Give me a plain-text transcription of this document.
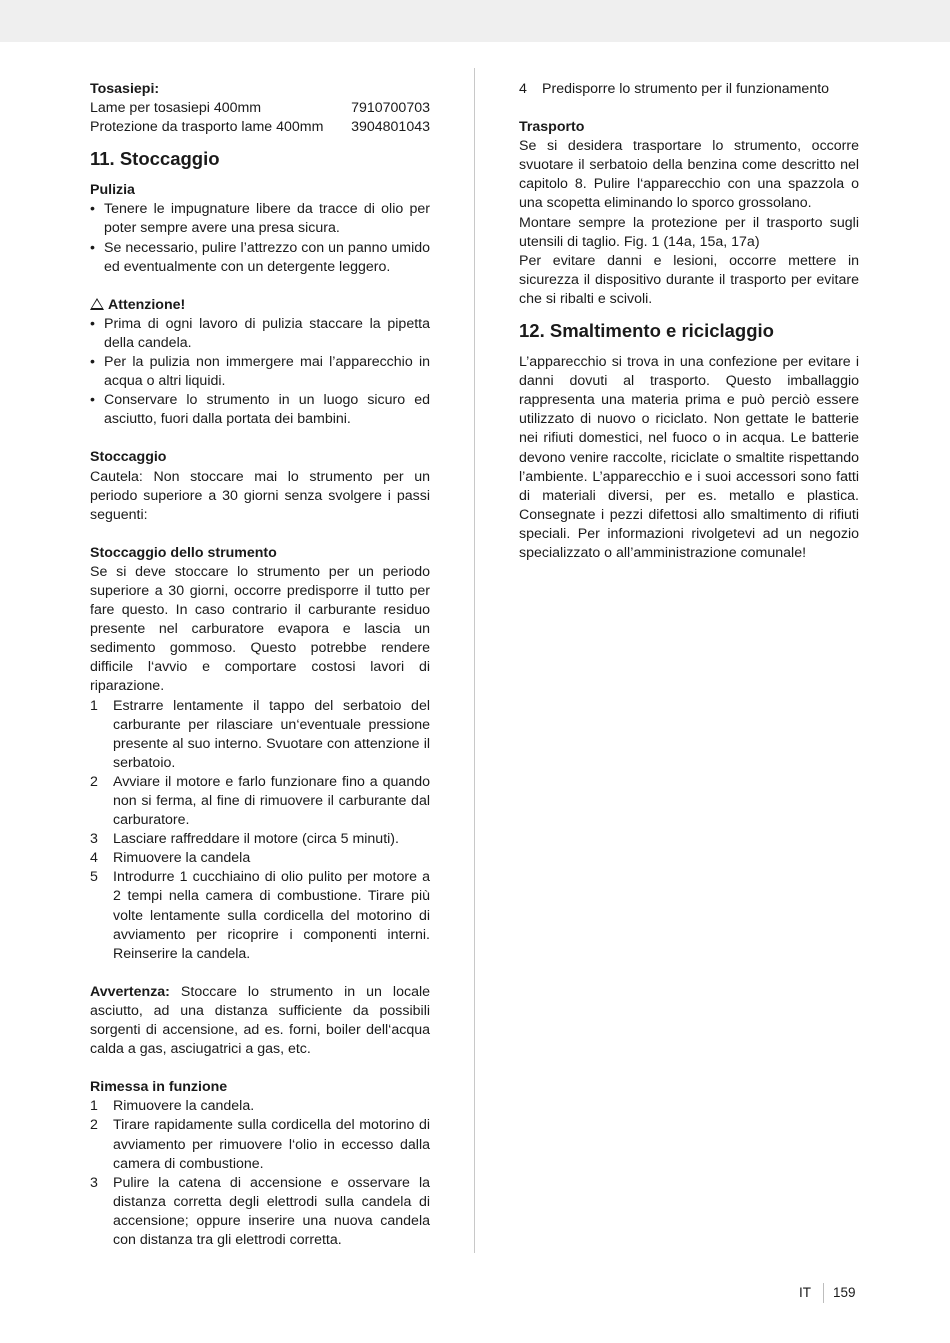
Tosasiepi:
Lame per tosasiepi 400mm	7910700703
Protezione da trasporto lame 400mm 3904801043
11. Stoccaggio
Pulizia
• Tenere le impugnature libere da tracce di olio per poter sempre avere una presa sicura.
• Se necessario, pulire l’attrezzo con un panno umido ed eventualmente con un detergente leggero.
Attenzione!
• Prima di ogni lavoro di pulizia staccare la pipetta della candela.
• Per la pulizia non immergere mai l’apparecchio in acqua o altri liquidi.
• Conservare lo strumento in un luogo sicuro ed asciutto, fuori dalla portata dei bambini.
Stoccaggio

Cautela: Non stoccare mai lo strumento per un periodo superiore a 30 giorni senza svolgere i passi seguenti:

Stoccaggio dello strumento

Se si deve stoccare lo strumento per un periodo superiore a 30 giorni, occorre predisporre il tutto per fare questo. In caso contrario il carburante residuo presente nel carburatore evapora e lascia un sedimento gommoso. Questo potrebbe rendere difficile l‘avvio e comportare costosi lavori di riparazione.

1 Estrarre lentamente il tappo del serbatoio del carburante per rilasciare un‘eventuale pressione presente al suo interno. Svuotare con attenzione il serbatoio.
2 Avviare il motore e farlo funzionare fino a quando non si ferma, al fine di rimuovere il carburante dal carburatore.
3 Lasciare raffreddare il motore (circa 5 minuti).
4 Rimuovere la candela
5 Introdurre 1 cucchiaino di olio pulito per motore a 2 tempi nella camera di combustione. Tirare più volte lentamente sulla cordicella del motorino di avviamento per ricoprire i componenti interni. Reinserire la candela.

Avvertenza: Stoccare lo strumento in un locale asciutto, ad una distanza sufficiente da possibili sorgenti di accensione, ad es. forni, boiler dell‘acqua calda a gas, asciugatrici a gas, etc.

Rimessa in funzione
1 Rimuovere la candela.
2 Tirare rapidamente sulla cordicella del motorino di avviamento per rimuovere l‘olio in eccesso dalla camera di combustione.
3 Pulire la catena di accensione e osservare la distanza corretta degli elettrodi sulla candela di accensione; oppure inserire una nuova candela con distanza tra gli elettrodi corretta.
4 Predisporre lo strumento per il funzionamento
Trasporto

Se si desidera trasportare lo strumento, occorre svuotare il serbatoio della benzina come descritto nel capitolo 8. Pulire l‘apparecchio con una spazzola o una scopetta eliminando lo sporco grossolano.

Montare sempre la protezione per il trasporto sugli utensili di taglio. Fig. 1 (14a, 15a, 17a)

Per evitare danni e lesioni, occorre mettere in sicurezza il dispositivo durante il trasporto per evitare che si ribalti e scivoli.

12. Smaltimento e riciclaggio

L’apparecchio si trova in una confezione per evitare i danni dovuti al trasporto. Questo imballaggio rappresenta una materia prima e può perciò essere utilizzato di nuovo o riciclato. Non gettate le batterie nei rifiuti domestici, nel fuoco o in acqua. Le batterie devono venire raccolte, riciclate o smaltite rispettando l’ambiente. L’apparecchio e i suoi accessori sono fatti di materiali diversi, per es. metallo e plastica. Consegnate i pezzi difettosi allo smaltimento di rifiuti speciali. Per informazioni rivolgetevi ad un negozio specializzato o all’amministrazione comunale!

IT 159
